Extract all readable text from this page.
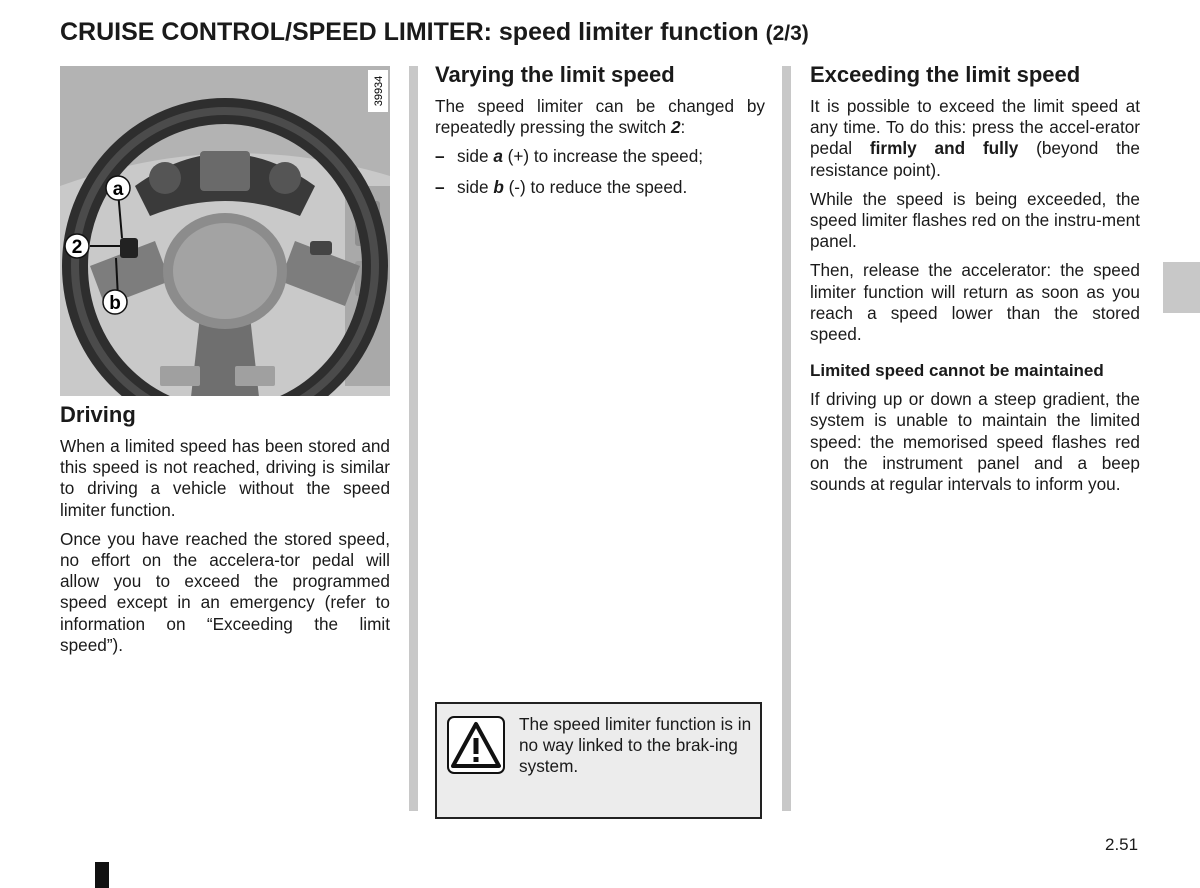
CRUISE CONTROL/SPEED LIMITER: speed limiter function (2/3)
a
2
b
39934
Driving

When a limited speed has been stored and this speed is not reached, driving is similar to driving a vehicle without the speed limiter function.

Once you have reached the stored speed, no effort on the accelera-tor pedal will allow you to exceed the programmed speed except in an emergency (refer to information on “Exceeding the limit speed”).

Varying the limit speed

The speed limiter can be changed by repeatedly pressing the switch 2:

– side a (+) to increase the speed;
– side b (-) to reduce the speed.
The speed limiter function is in no way linked to the brak-ing system.
Exceeding the limit speed

It is possible to exceed the limit speed at any time. To do this: press the accel-erator pedal firmly and fully (beyond the resistance point).

While the speed is being exceeded, the speed limiter flashes red on the instru-ment panel.

Then, release the accelerator: the speed limiter function will return as soon as you reach a speed lower than the stored speed.

Limited speed cannot be maintained

If driving up or down a steep gradient, the system is unable to maintain the limited speed: the memorised speed flashes red on the instrument panel and a beep sounds at regular intervals to inform you.

2.51
